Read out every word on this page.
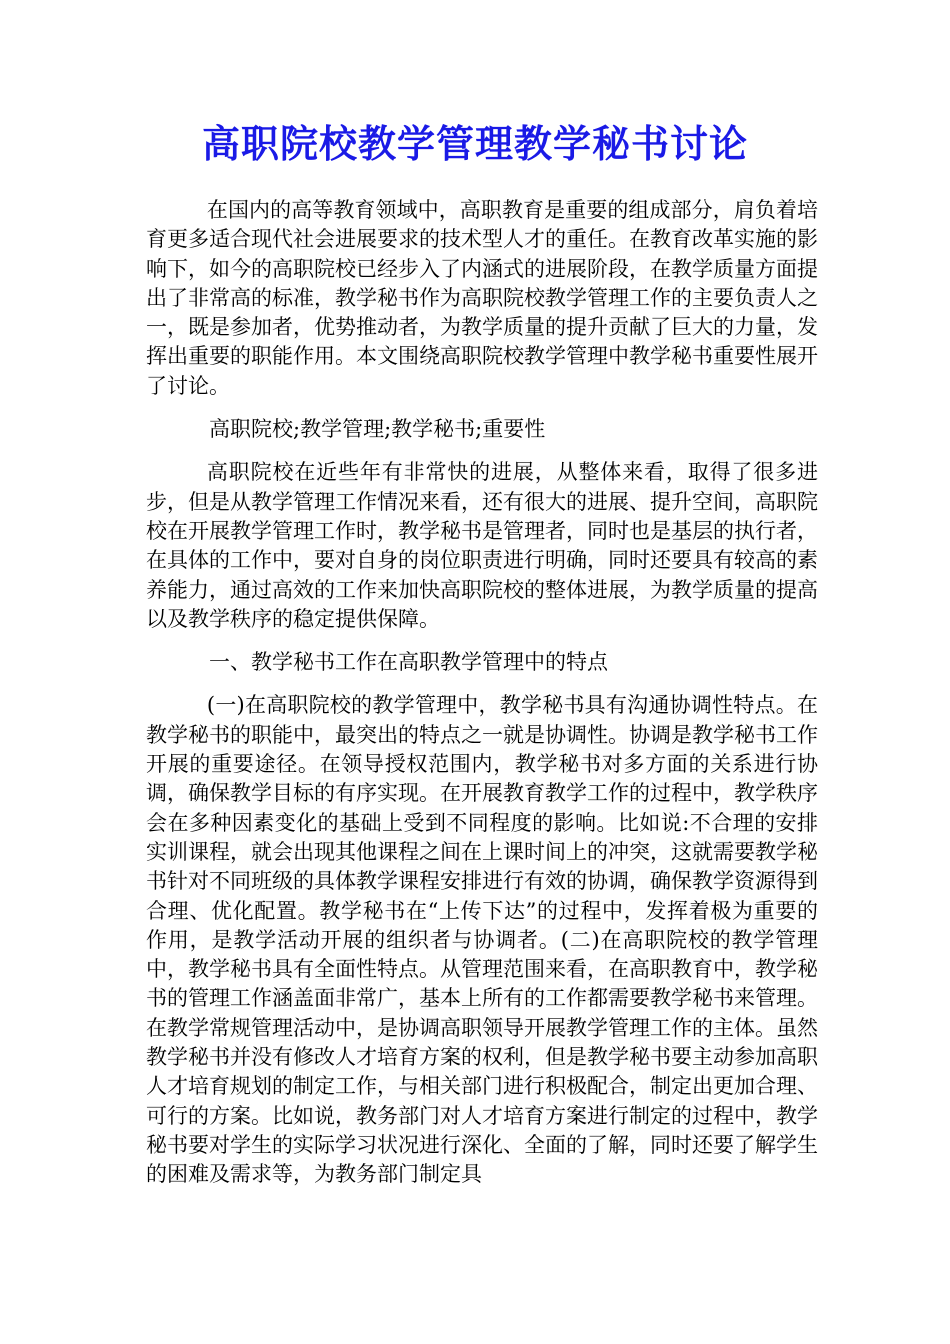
高职院校教学管理教学秘书讨论

在国内的高等教育领域中，高职教育是重要的组成部分，肩负着培育更多适合现代社会进展要求的技术型人才的重任。在教育改革实施的影响下，如今的高职院校已经步入了内涵式的进展阶段，在教学质量方面提出了非常高的标准，教学秘书作为高职院校教学管理工作的主要负责人之一，既是参加者，优势推动者，为教学质量的提升贡献了巨大的力量，发挥出重要的职能作用。本文围绕高职院校教学管理中教学秘书重要性展开了讨论。

高职院校;教学管理;教学秘书;重要性

高职院校在近些年有非常快的进展，从整体来看，取得了很多进步，但是从教学管理工作情况来看，还有很大的进展、提升空间，高职院校在开展教学管理工作时，教学秘书是管理者，同时也是基层的执行者，在具体的工作中，要对自身的岗位职责进行明确，同时还要具有较高的素养能力，通过高效的工作来加快高职院校的整体进展，为教学质量的提高以及教学秩序的稳定提供保障。

一、教学秘书工作在高职教学管理中的特点

(一)在高职院校的教学管理中，教学秘书具有沟通协调性特点。在教学秘书的职能中，最突出的特点之一就是协调性。协调是教学秘书工作开展的重要途径。在领导授权范围内，教学秘书对多方面的关系进行协调，确保教学目标的有序实现。在开展教育教学工作的过程中，教学秩序会在多种因素变化的基础上受到不同程度的影响。比如说:不合理的安排实训课程，就会出现其他课程之间在上课时间上的冲突，这就需要教学秘书针对不同班级的具体教学课程安排进行有效的协调，确保教学资源得到合理、优化配置。教学秘书在“上传下达”的过程中，发挥着极为重要的作用，是教学活动开展的组织者与协调者。(二)在高职院校的教学管理中，教学秘书具有全面性特点。从管理范围来看，在高职教育中，教学秘书的管理工作涵盖面非常广，基本上所有的工作都需要教学秘书来管理。在教学常规管理活动中，是协调高职领导开展教学管理工作的主体。虽然教学秘书并没有修改人才培育方案的权利，但是教学秘书要主动参加高职人才培育规划的制定工作，与相关部门进行积极配合，制定出更加合理、可行的方案。比如说，教务部门对人才培育方案进行制定的过程中，教学秘书要对学生的实际学习状况进行深化、全面的了解，同时还要了解学生的困难及需求等，为教务部门制定具
